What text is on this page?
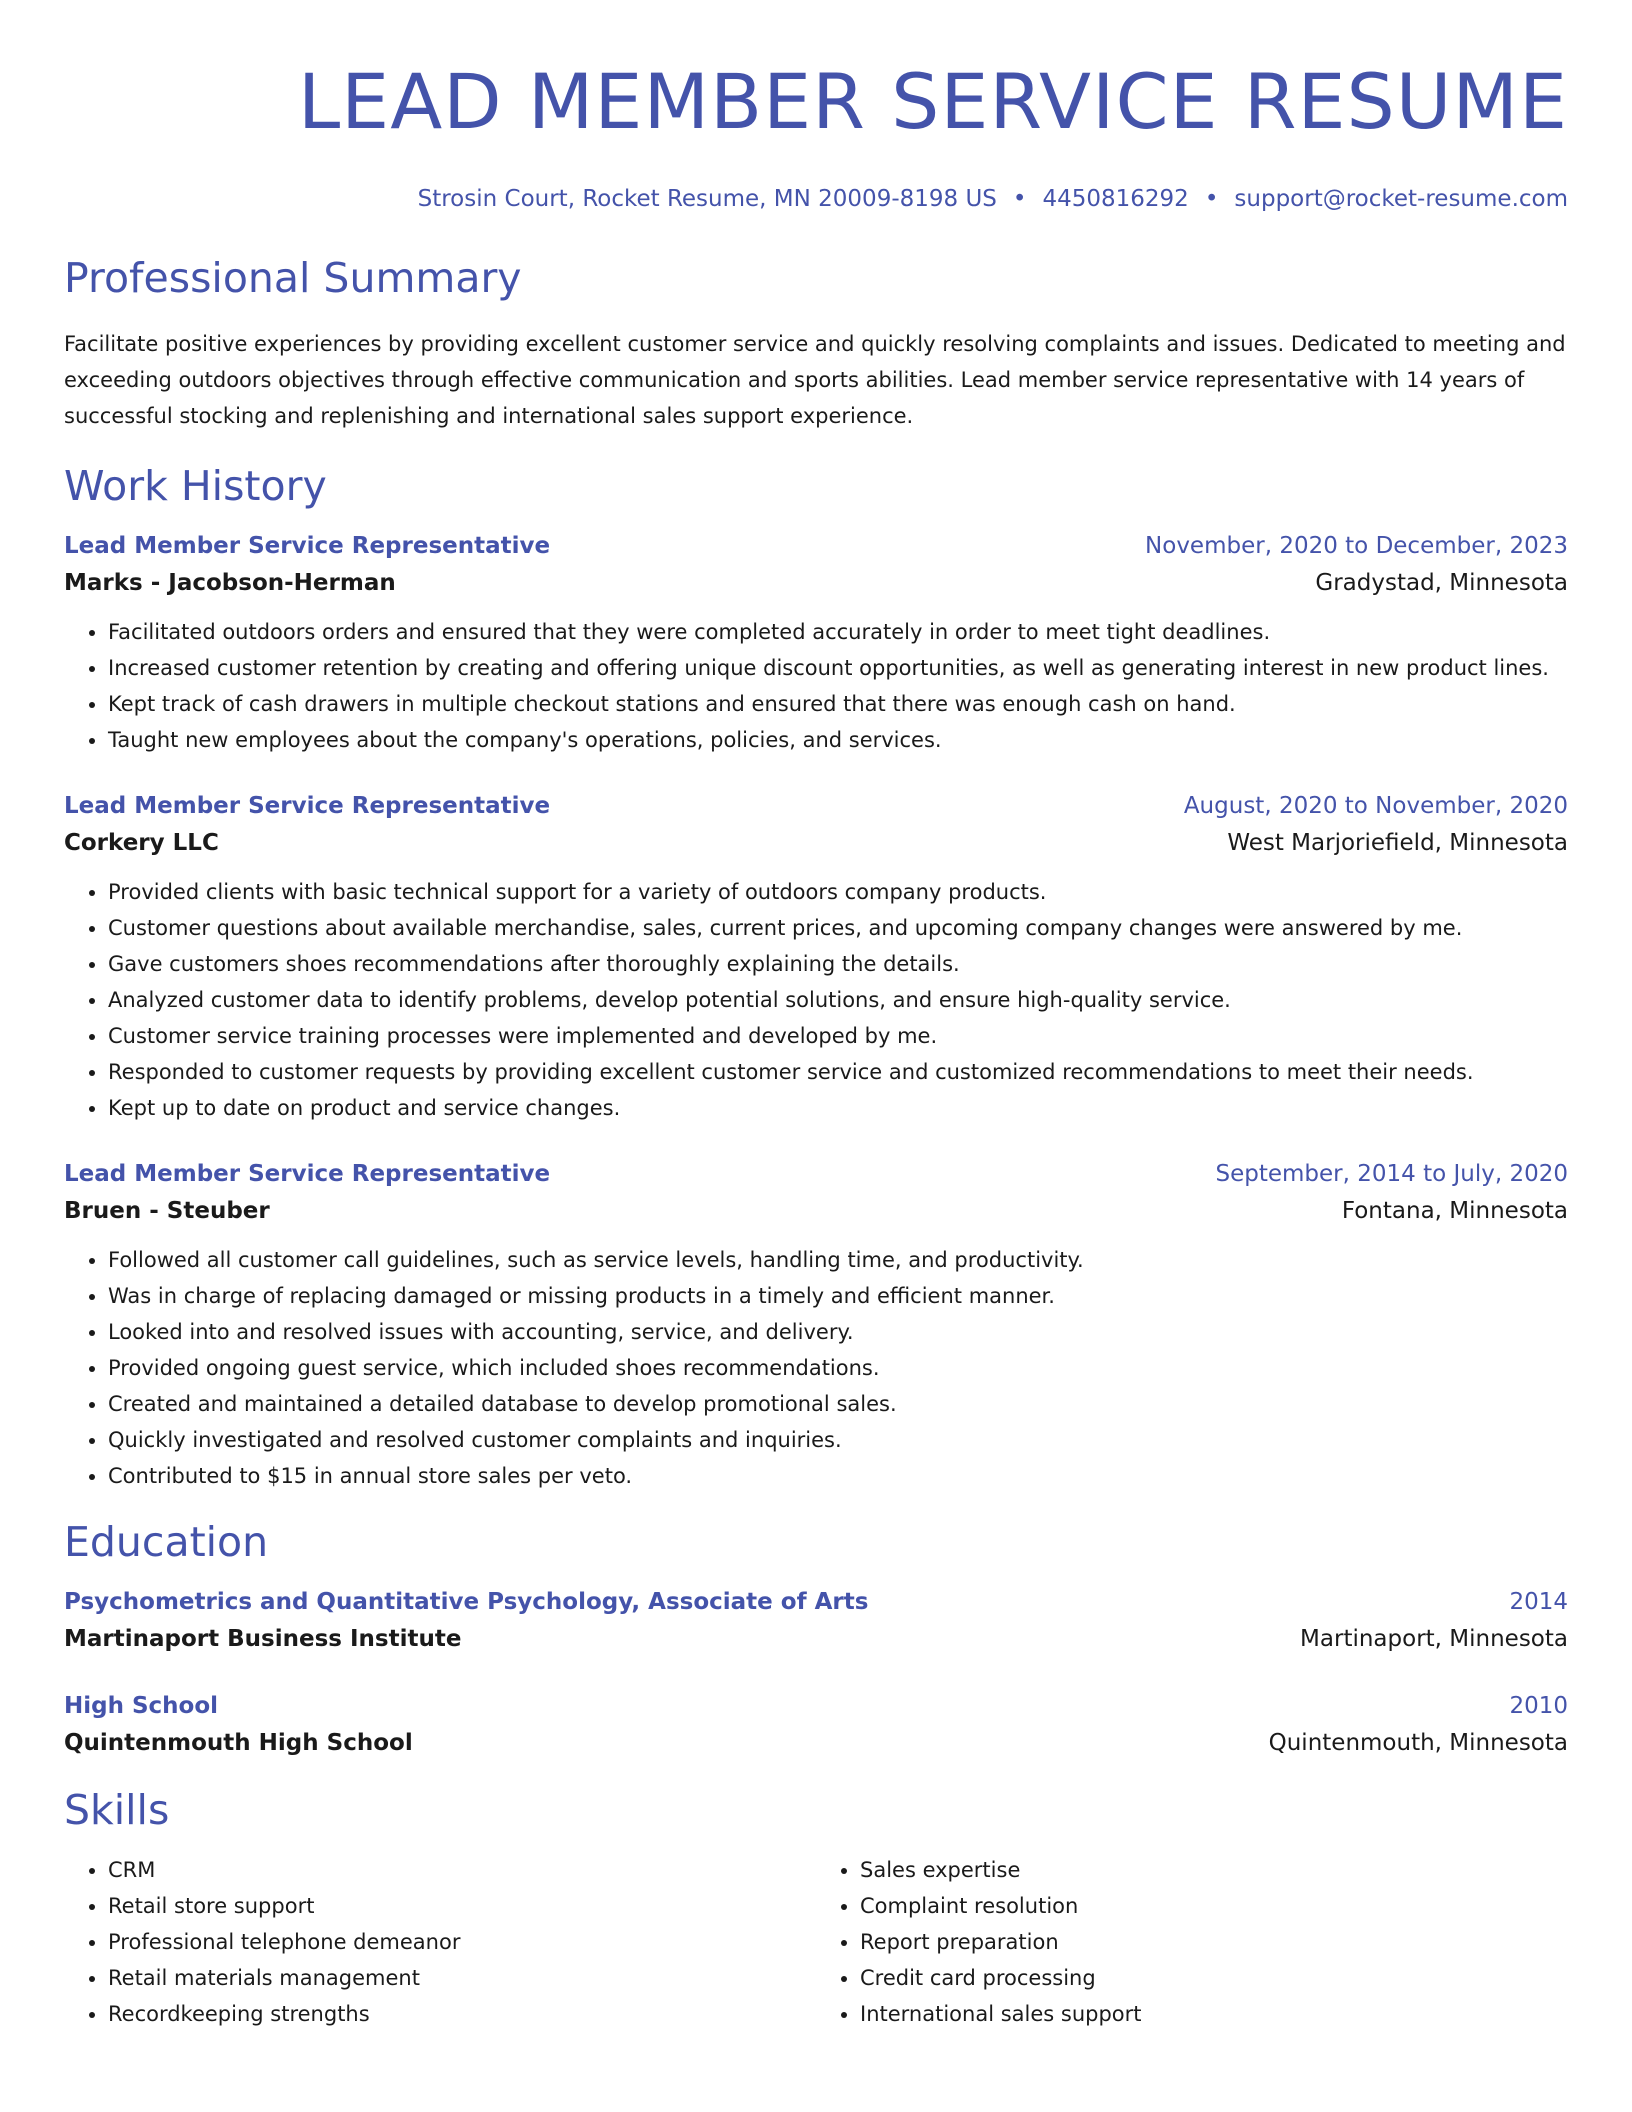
LEAD MEMBER SERVICE RESUME
Strosin Court, Rocket Resume, MN 20009-8198 US • 4450816292 • support@rocket-resume.com
Professional Summary

Facilitate positive experiences by providing excellent customer service and quickly resolving complaints and issues. Dedicated to meeting and exceeding outdoors objectives through effective communication and sports abilities. Lead member service representative with 14 years of successful stocking and replenishing and international sales support experience.

Work History
Lead Member Service Representative	November, 2020 to December, 2023
Marks - Jacobson-Herman	Gradystad, Minnesota
• Facilitated outdoors orders and ensured that they were completed accurately in order to meet tight deadlines.
• Increased customer retention by creating and offering unique discount opportunities, as well as generating interest in new product lines.
• Kept track of cash drawers in multiple checkout stations and ensured that there was enough cash on hand.
• Taught new employees about the company's operations, policies, and services.
Lead Member Service Representative	August, 2020 to November, 2020
Corkery LLC	West Marjoriefield, Minnesota
• Provided clients with basic technical support for a variety of outdoors company products.
• Customer questions about available merchandise, sales, current prices, and upcoming company changes were answered by me.
• Gave customers shoes recommendations after thoroughly explaining the details.
• Analyzed customer data to identify problems, develop potential solutions, and ensure high-quality service.
• Customer service training processes were implemented and developed by me.
• Responded to customer requests by providing excellent customer service and customized recommendations to meet their needs.
• Kept up to date on product and service changes.
Lead Member Service Representative	September, 2014 to July, 2020
Bruen - Steuber	Fontana, Minnesota
• Followed all customer call guidelines, such as service levels, handling time, and productivity.
• Was in charge of replacing damaged or missing products in a timely and efficient manner.
• Looked into and resolved issues with accounting, service, and delivery.
• Provided ongoing guest service, which included shoes recommendations.
• Created and maintained a detailed database to develop promotional sales.
• Quickly investigated and resolved customer complaints and inquiries.
• Contributed to $15 in annual store sales per veto.
Education
Psychometrics and Quantitative Psychology, Associate of Arts	2014
Martinaport Business Institute	Martinaport, Minnesota
High School	2010
Quintenmouth High School	Quintenmouth, Minnesota
Skills
• CRM
• Retail store support
• Professional telephone demeanor
• Retail materials management
• Recordkeeping strengths
• Sales expertise
• Complaint resolution
• Report preparation
• Credit card processing
• International sales support
